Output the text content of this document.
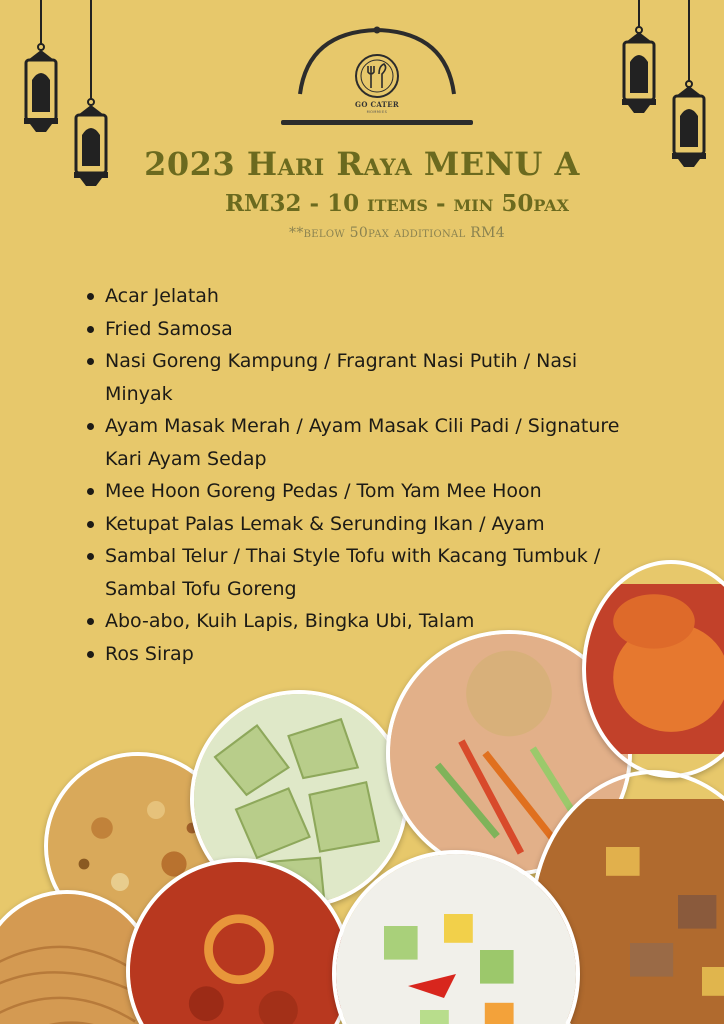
GO CATER
MOMMIES
2023 Hari Raya MENU A
RM32 - 10 items - min 50pax
**below 50pax additional RM4
Acar Jelatah
Fried Samosa
Nasi Goreng Kampung / Fragrant Nasi Putih / Nasi Minyak
Ayam Masak Merah / Ayam Masak Cili Padi / Signature Kari Ayam Sedap
Mee Hoon Goreng Pedas / Tom Yam Mee Hoon
Ketupat Palas Lemak & Serunding Ikan / Ayam
Sambal Telur / Thai Style Tofu with Kacang Tumbuk / Sambal Tofu Goreng
Abo-abo, Kuih Lapis, Bingka Ubi, Talam
Ros Sirap
